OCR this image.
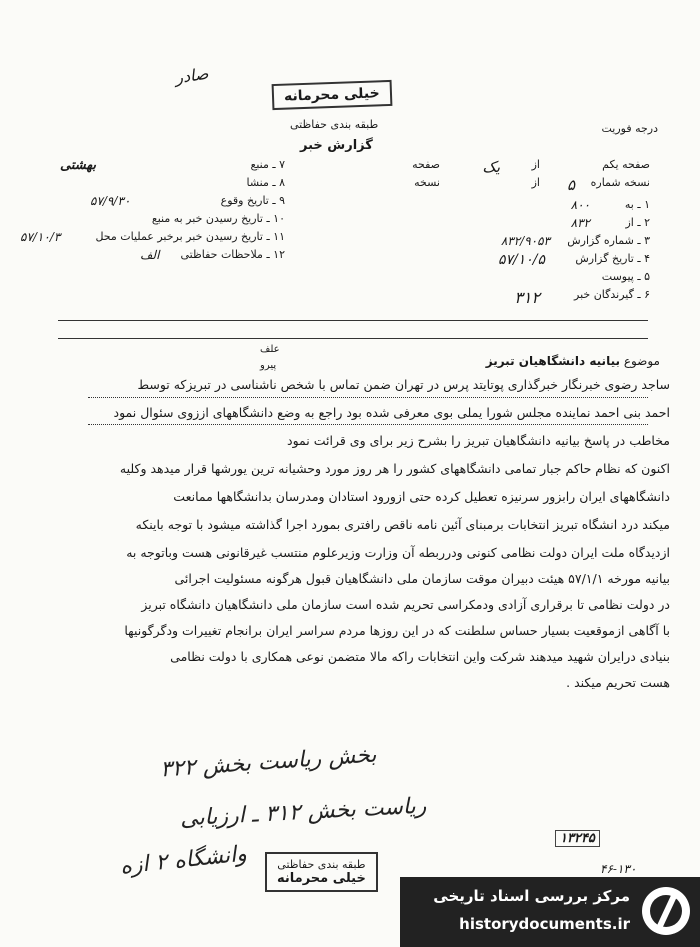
صادر
خیلی محرمانه
طبقه بندی حفاظتی
گزارش خبر
درجه فوریت
۷ ـ منبع
بهشتی
۸ ـ منشا
۹ ـ تاریخ وقوع
۵۷/۹/۳۰
۱۰ ـ تاریخ رسیدن خبر به منبع
۱۱ ـ تاریخ رسیدن خبر برخبر عملیات محل
۵۷/۱۰/۳
۱۲ ـ ملاحظات حفاظتی
الف
صفحه یکم
یک	از
صفحه
نسخه شماره
۵
از
نسخه
۱ ـ به
۸۰۰
۲ ـ از
۸۳۲
۳ ـ شماره گزارش
۸۳۲/۹۰۵۳
۴ ـ تاریخ گزارش
۵۷/۱۰/۵
۵ ـ پیوست
۶ ـ گیرندگان خبر
۳۱۲
علف
پیرو	موضوع بیانیه دانشگاهیان تبریز
ساجد رضوی خبرنگار خبرگذاری پوتایتد پرس در تهران ضمن تماس با شخص ناشناسی در تبریزکه توسط
احمد بنی احمد نماینده مجلس شورا یملی بوی معرفی شده بود راجع به وضع دانشگاههای اززوی سئوال نمود
مخاطب در پاسخ بیانیه دانشگاهیان تبریز را بشرح زیر برای وی قرائت نمود
اکنون که نظام حاکم جبار تمامی دانشگاههای کشور را هر روز مورد وحشیانه ترین یورشها قرار میدهد وکلیه
دانشگاههای ایران رابزور سرنیزه تعطیل کرده حتی ازورود استادان ومدرسان بدانشگاهها ممانعت
میکند درد انشگاه تبریز انتخابات برمبنای آئین نامه ناقص رافتری بمورد اجرا گذاشته میشود با توجه باینکه
ازدیدگاه ملت ایران دولت نظامی کنونی ودرربطه آن وزارت وزیرعلوم منتسب غیرقانونی هست وباتوجه به
بیانیه مورخه ۵۷/۱/۱ هیئت دبیران موقت سازمان ملی دانشگاهیان قبول هرگونه مسئولیت اجرائی
در دولت نظامی تا برقراری آزادی ودمکراسی تحریم شده است سازمان ملی دانشگاهیان دانشگاه تبریز
با آگاهی ازموقعیت بسیار حساس سلطنت که در این روزها مردم سراسر ایران برانجام تغییرات ودگرگونیها
بنیادی درایران شهید میدهند شرکت واین انتخابات راکه مالا متضمن نوعی همکاری با دولت نظامی
هست تحریم میکند .
بخش ریاست بخش ۳۲۲
ریاست بخش ۳۱۲ ـ ارزیابی
وانشگاه ۲ ازه
۱۳۲۴۵
طبقه بندی حفاظتی
خیلی محرمانه
۴۶-۱۳۰
مرکز بررسی اسناد تاریخی
historydocuments.ir
